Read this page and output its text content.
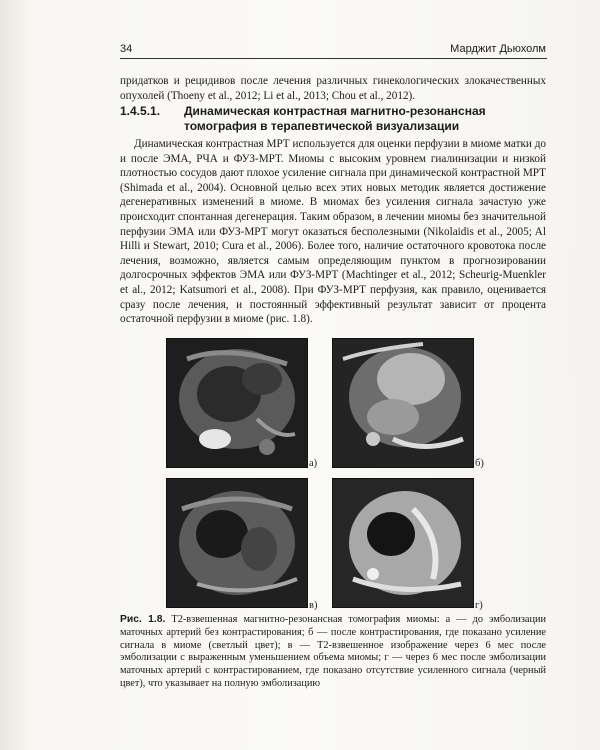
34	Марджит Дьюхолм

придатков и рецидивов после лечения различных гинекологических злокачественных опухолей (Thoeny et al., 2012; Li et al., 2013; Chou et al., 2012).

1.4.5.1.	Динамическая контрастная магнитно-резонансная томография в терапевтической визуализации

Динамическая контрастная МРТ используется для оценки перфузии в миоме матки до и после ЭМА, РЧА и ФУЗ-МРТ. Миомы с высоким уровнем гиалинизации и низкой плотностью сосудов дают плохое усиление сигнала при динамической контрастной МРТ (Shimada et al., 2004). Основной целью всех этих новых методик является достижение дегенеративных изменений в миоме. В миомах без усиления сигнала зачастую уже происходит спонтанная дегенерация. Таким образом, в лечении миомы без значительной перфузии ЭМА или ФУЗ-МРТ могут оказаться бесполезными (Nikolaidis et al., 2005; Al Hilli и Stewart, 2010; Cura et al., 2006). Более того, наличие остаточного кровотока после лечения, возможно, является самым определяющим пунктом в прогнозировании долгосрочных эффектов ЭМА или ФУЗ-МРТ (Machtinger et al., 2012; Scheurig-Muenkler et al., 2012; Katsumori et al., 2008). При ФУЗ-МРТ перфузия, как правило, оценивается сразу после лечения, и постоянный эффективный результат зависит от процента остаточной перфузии в миоме (рис. 1.8).

а)	б)
в)	г)

Рис. 1.8. Т2-взвешенная магнитно-резонансная томография миомы: а — до эмболизации маточных артерий без контрастирования; б — после контрастирования, где показано усиление сигнала в миоме (светлый цвет); в — Т2-взвешенное изображение через 6 мес после эмболизации с выраженным уменьшением объема миомы; г — через 6 мес после эмболизации маточных артерий с контрастированием, где показано отсутствие усиленного сигнала (черный цвет), что указывает на полную эмболизацию
